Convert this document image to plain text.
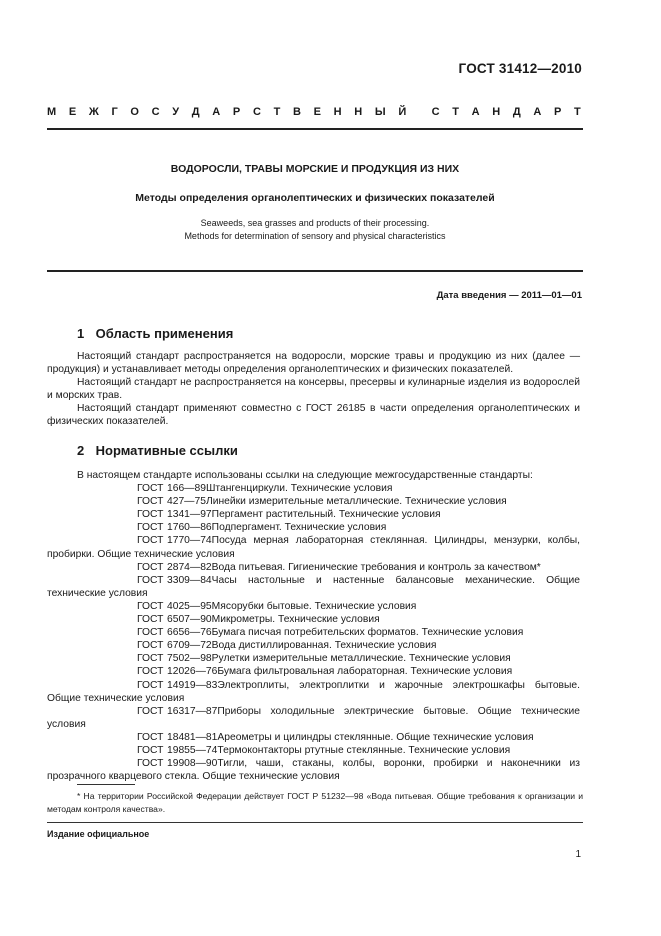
ГОСТ 31412—2010
М Е Ж Г О С У Д А Р С Т В Е Н Н Ы Й С Т А Н Д А Р Т
ВОДОРОСЛИ, ТРАВЫ МОРСКИЕ И ПРОДУКЦИЯ ИЗ НИХ
Методы определения органолептических и физических показателей
Seaweeds, sea grasses and products of their processing.
Methods for determination of sensory and physical characteristics
Дата введения — 2011—01—01
1 Область применения

Настоящий стандарт распространяется на водоросли, морские травы и продукцию из них (далее — продукция) и устанавливает методы определения органолептических и физических показателей.

Настоящий стандарт не распространяется на консервы, пресервы и кулинарные изделия из водорослей и морских трав.

Настоящий стандарт применяют совместно с ГОСТ 26185 в части определения органолептических и физических показателей.

2 Нормативные ссылки

В настоящем стандарте использованы ссылки на следующие межгосударственные стандарты:

ГОСТ 166—89Штангенциркули. Технические условия

ГОСТ 427—75Линейки измерительные металлические. Технические условия

ГОСТ 1341—97Пергамент растительный. Технические условия

ГОСТ 1760—86Подпергамент. Технические условия

ГОСТ 1770—74Посуда мерная лабораторная стеклянная. Цилиндры, мензурки, колбы, пробирки. Общие технические условия

ГОСТ 2874—82Вода питьевая. Гигиенические требования и контроль за качеством*

ГОСТ 3309—84Часы настольные и настенные балансовые механические. Общие технические условия

ГОСТ 4025—95Мясорубки бытовые. Технические условия

ГОСТ 6507—90Микрометры. Технические условия

ГОСТ 6656—76Бумага писчая потребительских форматов. Технические условия

ГОСТ 6709—72Вода дистиллированная. Технические условия

ГОСТ 7502—98Рулетки измерительные металлические. Технические условия

ГОСТ 12026—76Бумага фильтровальная лабораторная. Технические условия

ГОСТ 14919—83Электроплиты, электроплитки и жарочные электрошкафы бытовые. Общие технические условия

ГОСТ 16317—87Приборы холодильные электрические бытовые. Общие технические условия

ГОСТ 18481—81Ареометры и цилиндры стеклянные. Общие технические условия

ГОСТ 19855—74Термоконтакторы ртутные стеклянные. Технические условия

ГОСТ 19908—90Тигли, чаши, стаканы, колбы, воронки, пробирки и наконечники из прозрачного кварцевого стекла. Общие технические условия

* На территории Российской Федерации действует ГОСТ Р 51232—98 «Вода питьевая. Общие требования к организации и методам контроля качества».
Издание официальное
1
